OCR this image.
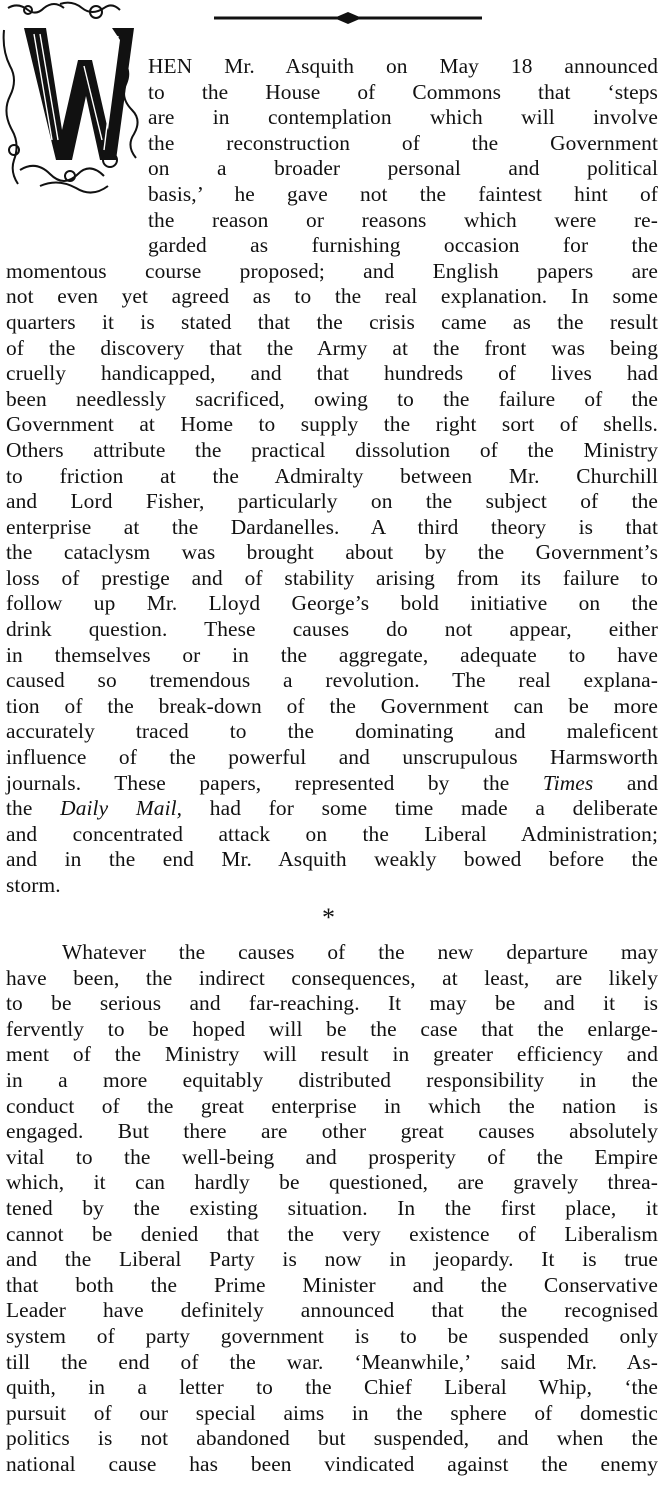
HEN Mr. Asquith on May 18 announced
to the House of Commons that ‘steps
are in contemplation which will involve
the reconstruction of the Government
on a broader personal and political
basis,’ he gave not the faintest hint of
the reason or reasons which were re-
garded as furnishing occasion for the
momentous course proposed; and English papers are
not even yet agreed as to the real explanation. In some
quarters it is stated that the crisis came as the result
of the discovery that the Army at the front was being
cruelly handicapped, and that hundreds of lives had
been needlessly sacrificed, owing to the failure of the
Government at Home to supply the right sort of shells.
Others attribute the practical dissolution of the Ministry
to friction at the Admiralty between Mr. Churchill
and Lord Fisher, particularly on the subject of the
enterprise at the Dardanelles. A third theory is that
the cataclysm was brought about by the Government’s
loss of prestige and of stability arising from its failure to
follow up Mr. Lloyd George’s bold initiative on the
drink question. These causes do not appear, either
in themselves or in the aggregate, adequate to have
caused so tremendous a revolution. The real explana-
tion of the break-down of the Government can be more
accurately traced to the dominating and maleficent
influence of the powerful and unscrupulous Harmsworth
journals. These papers, represented by the Times and
the Daily Mail, had for some time made a deliberate
and concentrated attack on the Liberal Administration;
and in the end Mr. Asquith weakly bowed before the
storm.
*
Whatever the causes of the new departure may
have been, the indirect consequences, at least, are likely
to be serious and far-reaching. It may be and it is
fervently to be hoped will be the case that the enlarge-
ment of the Ministry will result in greater efficiency and
in a more equitably distributed responsibility in the
conduct of the great enterprise in which the nation is
engaged. But there are other great causes absolutely
vital to the well-being and prosperity of the Empire
which, it can hardly be questioned, are gravely threa-
tened by the existing situation. In the first place, it
cannot be denied that the very existence of Liberalism
and the Liberal Party is now in jeopardy. It is true
that both the Prime Minister and the Conservative
Leader have definitely announced that the recognised
system of party government is to be suspended only
till the end of the war. ‘Meanwhile,’ said Mr. As-
quith, in a letter to the Chief Liberal Whip, ‘the
pursuit of our special aims in the sphere of domestic
politics is not abandoned but suspended, and when the
national cause has been vindicated against the enemy
